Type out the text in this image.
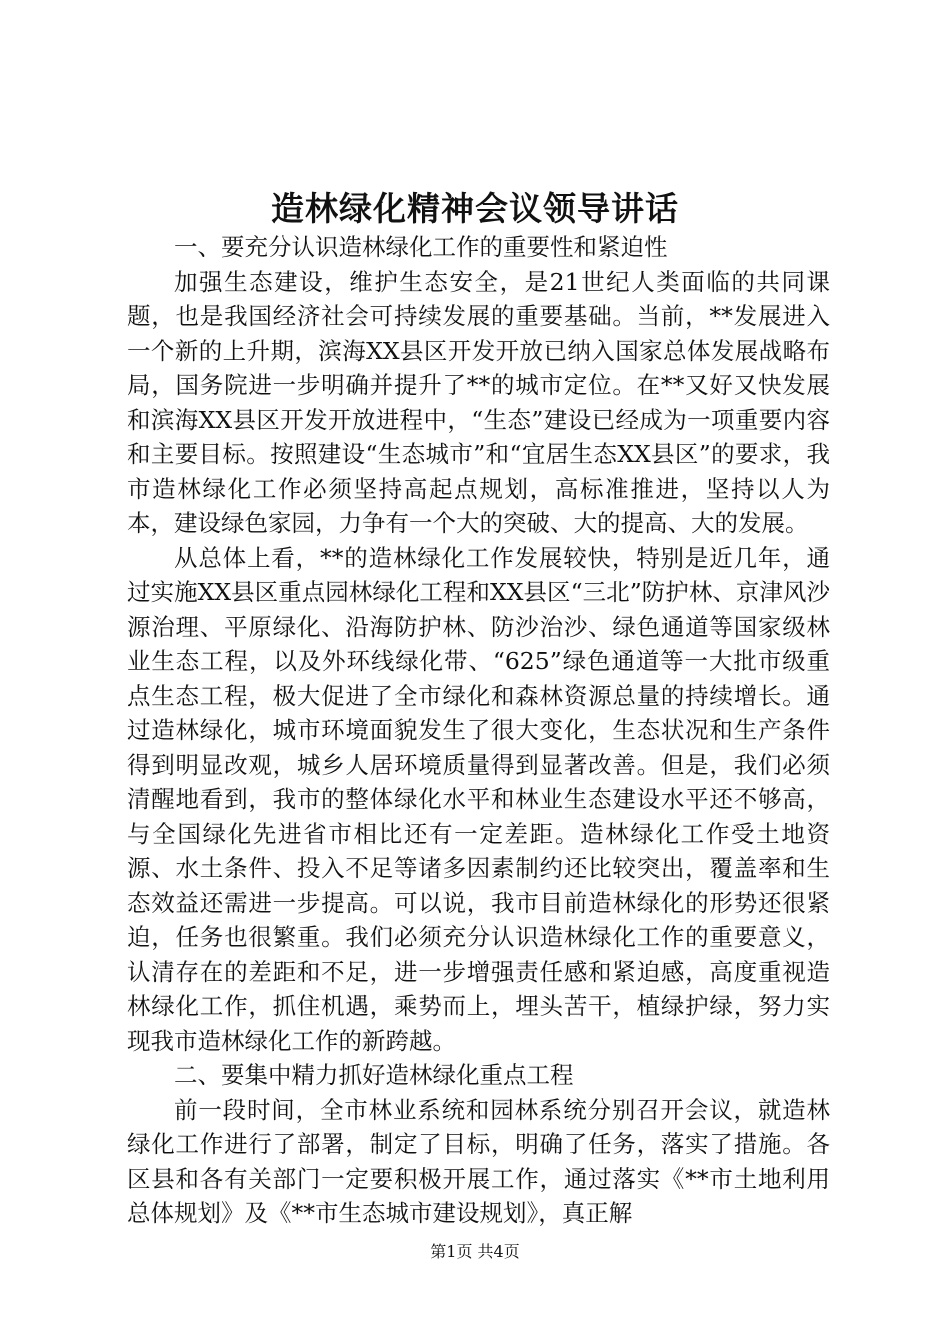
造林绿化精神会议领导讲话

一、要充分认识造林绿化工作的重要性和紧迫性

加强生态建设，维护生态安全，是21世纪人类面临的共同课题，也是我国经济社会可持续发展的重要基础。当前，**发展进入一个新的上升期，滨海XX县区开发开放已纳入国家总体发展战略布局，国务院进一步明确并提升了**的城市定位。在**又好又快发展和滨海XX县区开发开放进程中，“生态”建设已经成为一项重要内容和主要目标。按照建设“生态城市”和“宜居生态XX县区”的要求，我市造林绿化工作必须坚持高起点规划，高标准推进，坚持以人为本，建设绿色家园，力争有一个大的突破、大的提高、大的发展。

从总体上看，**的造林绿化工作发展较快，特别是近几年，通过实施XX县区重点园林绿化工程和XX县区“三北”防护林、京津风沙源治理、平原绿化、沿海防护林、防沙治沙、绿色通道等国家级林业生态工程，以及外环线绿化带、“625”绿色通道等一大批市级重点生态工程，极大促进了全市绿化和森林资源总量的持续增长。通过造林绿化，城市环境面貌发生了很大变化，生态状况和生产条件得到明显改观，城乡人居环境质量得到显著改善。但是，我们必须清醒地看到，我市的整体绿化水平和林业生态建设水平还不够高，与全国绿化先进省市相比还有一定差距。造林绿化工作受土地资源、水土条件、投入不足等诸多因素制约还比较突出，覆盖率和生态效益还需进一步提高。可以说，我市目前造林绿化的形势还很紧迫，任务也很繁重。我们必须充分认识造林绿化工作的重要意义，认清存在的差距和不足，进一步增强责任感和紧迫感，高度重视造林绿化工作，抓住机遇，乘势而上，埋头苦干，植绿护绿，努力实现我市造林绿化工作的新跨越。

二、要集中精力抓好造林绿化重点工程

前一段时间，全市林业系统和园林系统分别召开会议，就造林绿化工作进行了部署，制定了目标，明确了任务，落实了措施。各区县和各有关部门一定要积极开展工作，通过落实《**市土地利用总体规划》及《**市生态城市建设规划》，真正解

第1页 共4页
